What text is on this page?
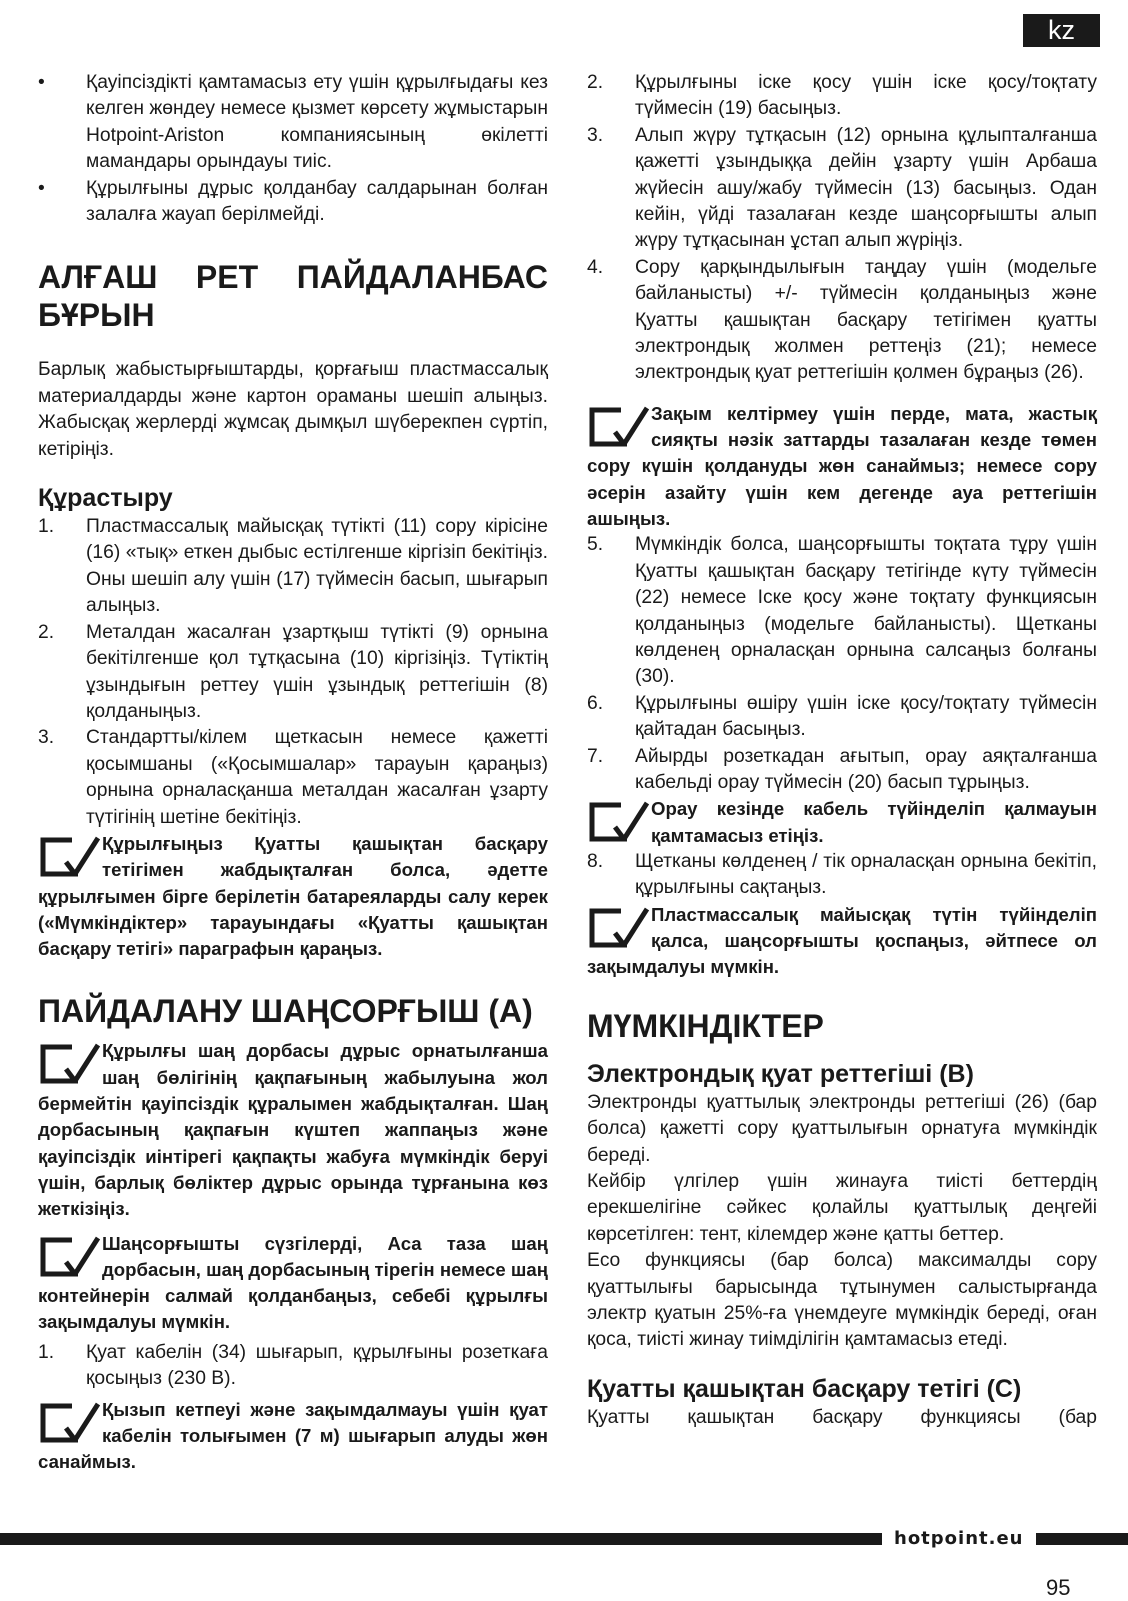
kz
•	Қауіпсіздікті қамтамасыз ету үшін құрылғыдағы кез келген жөндеу немесе қызмет көрсету жұмыстарын Hotpoint-Ariston компаниясының өкілетті мамандары орындауы тиіс.
•	Құрылғыны дұрыс қолданбау салдарынан болған залалға жауап берілмейді.
АЛҒАШ РЕТ ПАЙДАЛАНБАС БҰРЫН

Барлық жабыстырғыштарды, қорғағыш пластмассалық материалдарды және картон ораманы шешіп алыңыз. Жабысқақ жерлерді жұмсақ дымқыл шүберекпен сүртіп, кетіріңіз.

Құрастыру
1.	Пластмассалық майысқақ түтікті (11) сору кірісіне (16) «тық» еткен дыбыс естілгенше кіргізіп бекітіңіз. Оны шешіп алу үшін (17) түймесін басып, шығарып алыңыз.
2.	Металдан жасалған ұзартқыш түтікті (9) орнына бекітілгенше қол тұтқасына (10) кіргізіңіз. Түтіктің ұзындығын реттеу үшін ұзындық реттегішін (8) қолданыңыз.
3.	Стандартты/кілем щеткасын немесе қажетті қосымшаны («Қосымшалар» тарауын қараңыз) орнына орналасқанша металдан жасалған ұзарту түтігінің шетіне бекітіңіз.
Құрылғыңыз Қуатты қашықтан басқару тетігімен жабдықталған болса, әдетте құрылғымен бірге берілетін батареяларды салу керек («Мүмкіндіктер» тарауындағы «Қуатты қашықтан басқару тетігі» параграфын қараңыз.
ПАЙДАЛАНУ ШАҢСОРҒЫШ (A)
Құрылғы шаң дорбасы дұрыс орнатылғанша шаң бөлігінің қақпағының жабылуына жол бермейтін қауіпсіздік құралымен жабдықталған. Шаң дорбасының қақпағын күштеп жаппаңыз және қауіпсіздік иінтірегі қақпақты жабуға мүмкіндік беруі үшін, барлық бөліктер дұрыс орында тұрғанына көз жеткізіңіз.
Шаңсорғышты сүзгілерді, Аса таза шаң дорбасын, шаң дорбасының тірегін немесе шаң контейнерін салмай қолданбаңыз, себебі құрылғы зақымдалуы мүмкін.
1.	Қуат кабелін (34) шығарып, құрылғыны розеткаға қосыңыз (230 В).
Қызып кетпеуі және зақымдалмауы үшін қуат кабелін толығымен (7 м) шығарып алуды жөн санаймыз.
2.	Құрылғыны іске қосу үшін іске қосу/тоқтату түймесін (19) басыңыз.
3.	Алып жүру тұтқасын (12) орнына құлыпталғанша қажетті ұзындыққа дейін ұзарту үшін Арбаша жүйесін ашу/жабу түймесін (13) басыңыз. Одан кейін, үйді тазалаған кезде шаңсорғышты алып жүру тұтқасынан ұстап алып жүріңіз.
4.	Сору қарқындылығын таңдау үшін (модельге байланысты) +/- түймесін қолданыңыз және Қуатты қашықтан басқару тетігімен қуатты электрондық жолмен реттеңіз (21); немесе электрондық қуат реттегішін қолмен бұраңыз (26).
Зақым келтірмеу үшін перде, мата, жастық сияқты нәзік заттарды тазалаған кезде төмен сору күшін қолдануды жөн санаймыз; немесе сору әсерін азайту үшін кем дегенде ауа реттегішін ашыңыз.
5.	Мүмкіндік болса, шаңсорғышты тоқтата тұру үшін Қуатты қашықтан басқару тетігінде күту түймесін (22) немесе Іске қосу және тоқтату функциясын қолданыңыз (модельге байланысты). Щетканы көлденең орналасқан орнына салсаңыз болғаны (30).
6.	Құрылғыны өшіру үшін іске қосу/тоқтату түймесін қайтадан басыңыз.
7.	Айырды розеткадан ағытып, орау аяқталғанша кабельді орау түймесін (20) басып тұрыңыз.
Орау кезінде кабель түйінделіп қалмауын қамтамасыз етіңіз.
8.	Щетканы көлденең / тік орналасқан орнына бекітіп, құрылғыны сақтаңыз.
Пластмассалық майысқақ түтін түйінделіп қалса, шаңсорғышты қоспаңыз, әйтпесе ол зақымдалуы мүмкін.
МҮМКІНДІКТЕР
Электрондық қуат реттегіші (B)

Электронды қуаттылық электронды реттегіші (26) (бар болса) қажетті сору қуаттылығын орнатуға мүмкіндік береді.

Кейбір үлгілер үшін жинауға тиісті беттердің ерекшелігіне сәйкес қолайлы қуаттылық деңгейі көрсетілген: тент, кілемдер және қатты беттер.

Eco функциясы (бар болса) максималды сору қуаттылығы барысында тұтынумен салыстырғанда электр қуатын 25%-ға үнемдеуге мүмкіндік береді, оған қоса, тиісті жинау тиімділігін қамтамасыз етеді.

Қуатты қашықтан басқару тетігі (С)

Қуатты қашықтан басқару функциясы (бар

hotpoint.eu
95
